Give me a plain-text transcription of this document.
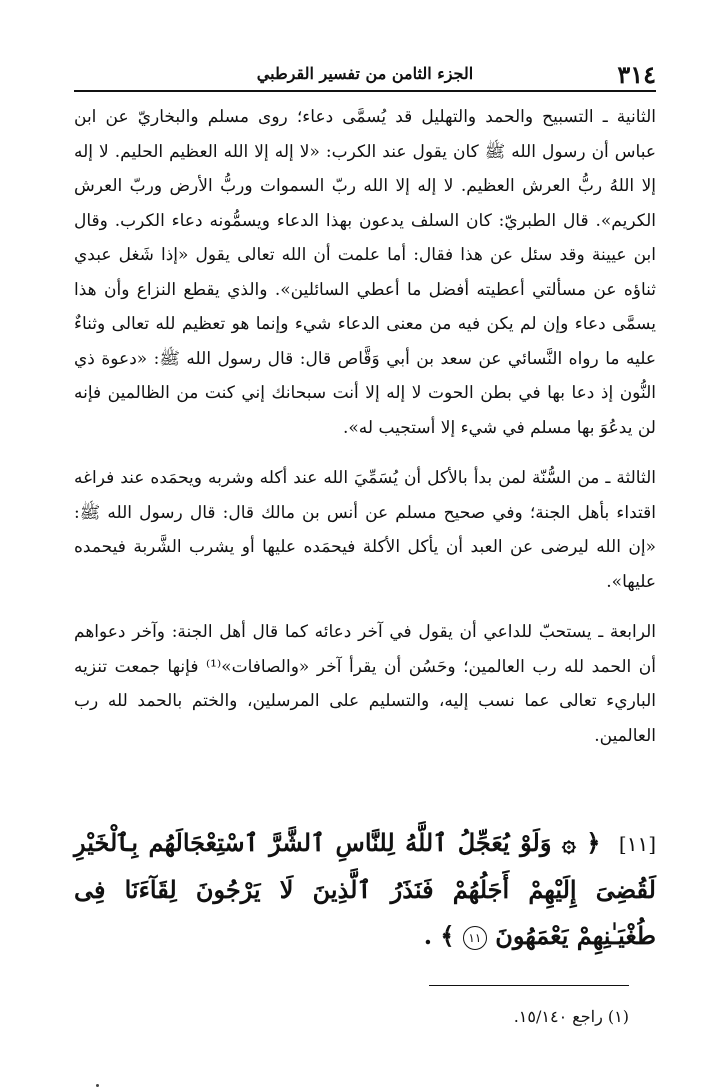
٣١٤
الجزء الثامن من تفسير القرطبي

الثانية ـ التسبيح والحمد والتهليل قد يُسمَّى دعاء؛ روى مسلم والبخاريّ عن ابن عباس أن رسول الله ﷺ كان يقول عند الكرب: «لا إله إلا الله العظيم الحليم. لا إله إلا اللهُ ربُّ العرش العظيم. لا إله إلا الله ربّ السموات وربُّ الأرض وربّ العرش الكريم». قال الطبريّ: كان السلف يدعون بهذا الدعاء ويسمُّونه دعاء الكرب. وقال ابن عيينة وقد سئل عن هذا فقال: أما علمت أن الله تعالى يقول «إذا شَغل عبدي ثناؤه عن مسألتي أعطيته أفضل ما أعطي السائلين». والذي يقطع النزاع وأن هذا يسمَّى دعاء وإن لم يكن فيه من معنى الدعاء شيء وإنما هو تعظيم لله تعالى وثناءٌ عليه ما رواه النَّسائي عن سعد بن أبي وَقَّاص قال: قال رسول الله ﷺ: «دعوة ذي النُّون إذ دعا بها في بطن الحوت لا إله إلا أنت سبحانك إني كنت من الظالمين فإنه لن يدعُوَ بها مسلم في شيء إلا أستجيب له».

الثالثة ـ من السُّنّة لمن بدأ بالأكل أن يُسَمِّيَ الله عند أكله وشربه ويحمَده عند فراغه اقتداء بأهل الجنة؛ وفي صحيح مسلم عن أنس بن مالك قال: قال رسول الله ﷺ: «إن الله ليرضى عن العبد أن يأكل الأكلة فيحمَده عليها أو يشرب الشَّربة فيحمده عليها».

الرابعة ـ يستحبّ للداعي أن يقول في آخر دعائه كما قال أهل الجنة: وآخر دعواهم أن الحمد لله رب العالمين؛ وحَسُن أن يقرأ آخر «والصافات»⁽¹⁾ فإنها جمعت تنزيه الباريء تعالى عما نسب إليه، والتسليم على المرسلين، والختم بالحمد لله رب العالمين.

[١١] ﴿ ۞ وَلَوْ يُعَجِّلُ ٱللَّهُ لِلنَّاسِ ٱلشَّرَّ ٱسْتِعْجَالَهُم بِٱلْخَيْرِ لَقُضِىَ إِلَيْهِمْ أَجَلُهُمْ فَنَذَرُ ٱلَّذِينَ لَا يَرْجُونَ لِقَآءَنَا فِى طُغْيَـٰنِهِمْ يَعْمَهُونَ ١١ ﴾ .
(١) راجع ١٥/١٤٠.
